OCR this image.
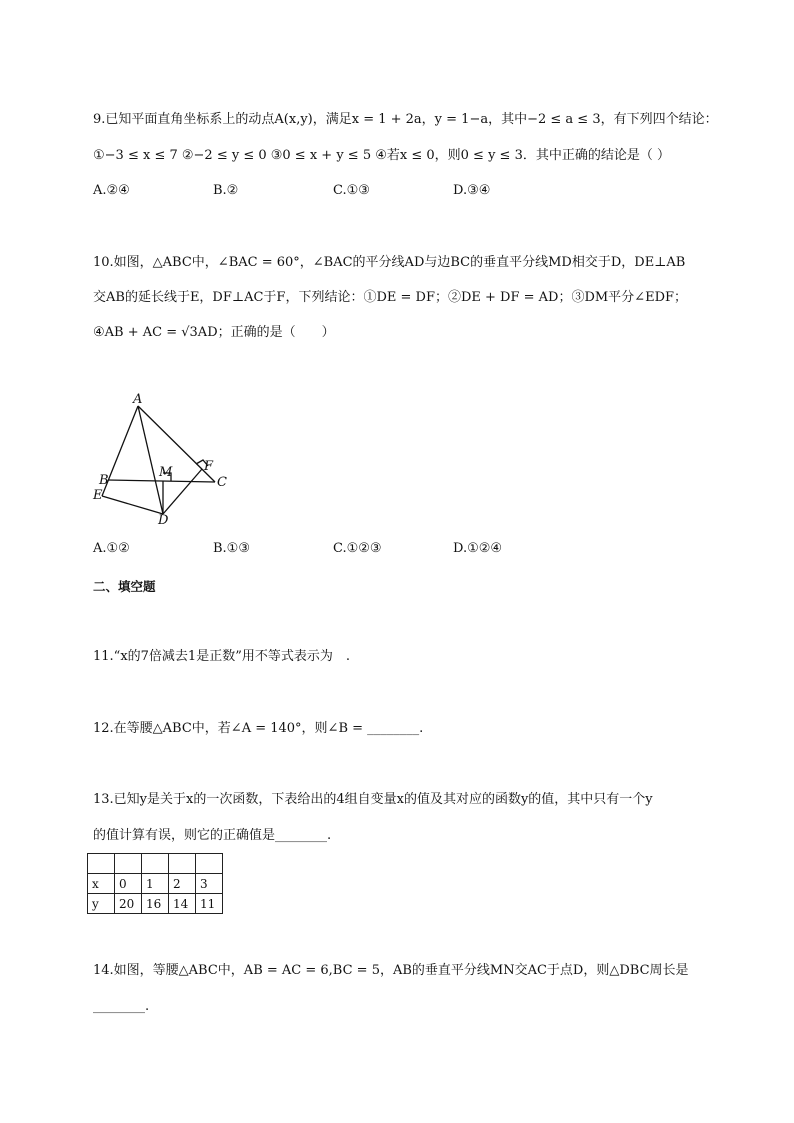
9.已知平面直角坐标系上的动点A(x,y)，满足x = 1 + 2a，y = 1−a，其中−2 ≤ a ≤ 3，有下列四个结论：
①−3 ≤ x ≤ 7 ②−2 ≤ y ≤ 0 ③0 ≤ x + y ≤ 5 ④若x ≤ 0，则0 ≤ y ≤ 3．其中正确的结论是（ ）
A.②④	B.②	C.①③	D.③④
10.如图，△ABC中，∠BAC = 60°，∠BAC的平分线AD与边BC的垂直平分线MD相交于D，DE⊥AB
交AB的延长线于E，DF⊥AC于F，下列结论：①DE = DF；②DE + DF = AD；③DM平分∠EDF；
④AB + AC = √3AD；正确的是（　　）
A
B	C
D
E
F
M
A.①②	B.①③	C.①②③	D.①②④
二、填空题
11.“x的7倍减去1是正数”用不等式表示为　.
12.在等腰△ABC中，若∠A = 140°，则∠B = ________.
13.已知y是关于x的一次函数，下表给出的4组自变量x的值及其对应的函数y的值，其中只有一个y
的值计算有误，则它的正确值是________.

x	0	1	2	3
y	20	16	14	11
14.如图，等腰△ABC中，AB = AC = 6,BC = 5，AB的垂直平分线MN交AC于点D，则△DBC周长是
________.
